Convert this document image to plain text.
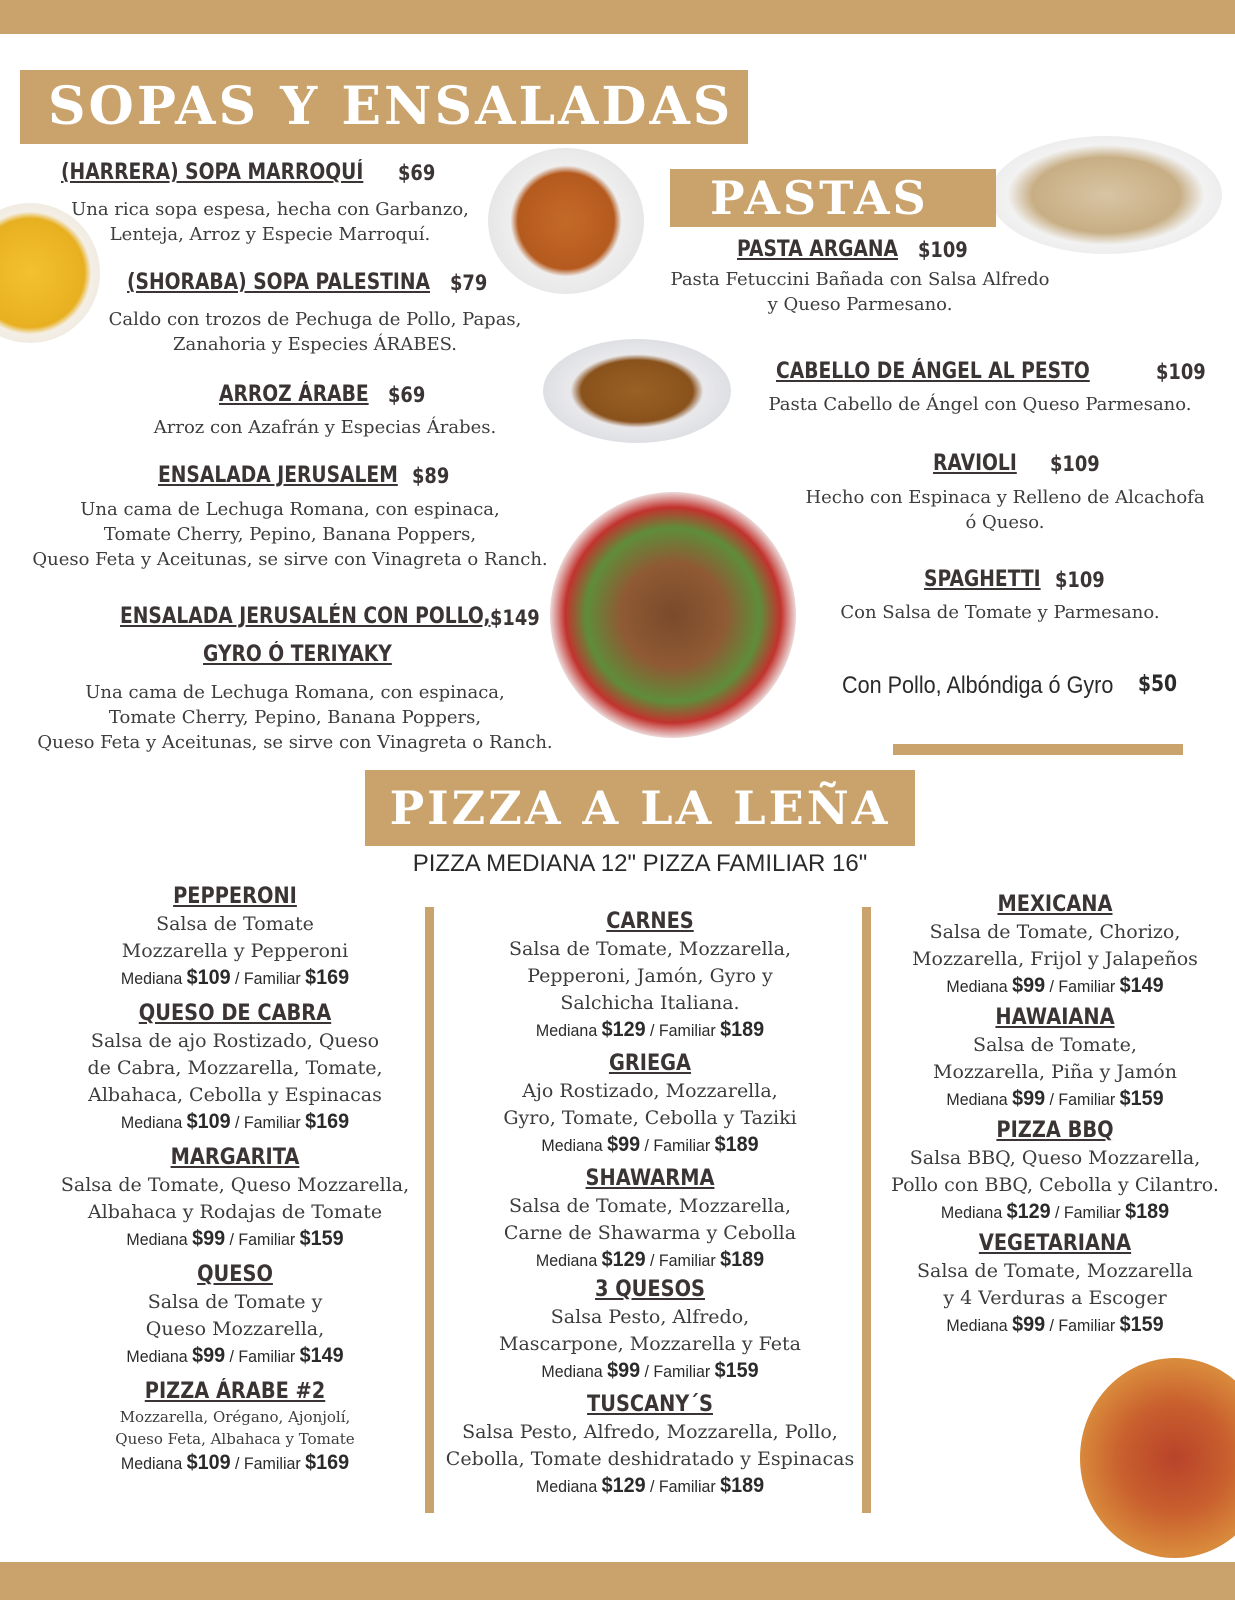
SOPAS Y ENSALADAS
(HARRERA) SOPA MARROQUÍ $69
Una rica sopa espesa, hecha con Garbanzo,
Lenteja, Arroz y Especie Marroquí.
(SHORABA) SOPA PALESTINA $79
Caldo con trozos de Pechuga de Pollo, Papas,
Zanahoria y Especies ÁRABES.
ARROZ ÁRABE $69
Arroz con Azafrán y Especias Árabes.
ENSALADA JERUSALEM $89
Una cama de Lechuga Romana, con espinaca,
Tomate Cherry, Pepino, Banana Poppers,
Queso Feta y Aceitunas, se sirve con Vinagreta o Ranch.
ENSALADA JERUSALÉN CON POLLO, $149
GYRO Ó TERIYAKY
Una cama de Lechuga Romana, con espinaca,
Tomate Cherry, Pepino, Banana Poppers,
Queso Feta y Aceitunas, se sirve con Vinagreta o Ranch.
PASTAS
PASTA ARGANA $109
Pasta Fetuccini Bañada con Salsa Alfredo
y Queso Parmesano.
CABELLO DE ÁNGEL AL PESTO	$109
Pasta Cabello de Ángel con Queso Parmesano.
RAVIOLI $109
Hecho con Espinaca y Relleno de Alcachofa
ó Queso.
SPAGHETTI $109
Con Salsa de Tomate y Parmesano.
Con Pollo, Albóndiga ó Gyro $50
PIZZA A LA LEÑA
PIZZA MEDIANA 12" PIZZA FAMILIAR 16"
PEPPERONI
Salsa de Tomate
Mozzarella y Pepperoni
Mediana $109 / Familiar $169
QUESO DE CABRA
Salsa de ajo Rostizado, Queso
de Cabra, Mozzarella, Tomate,
Albahaca, Cebolla y Espinacas
Mediana $109 / Familiar $169
MARGARITA
Salsa de Tomate, Queso Mozzarella,
Albahaca y Rodajas de Tomate
Mediana $99 / Familiar $159
QUESO
Salsa de Tomate y
Queso Mozzarella,
Mediana $99 / Familiar $149
PIZZA ÁRABE #2
Mozzarella, Orégano, Ajonjolí,
Queso Feta, Albahaca y Tomate
Mediana $109 / Familiar $169
CARNES
Salsa de Tomate, Mozzarella,
Pepperoni, Jamón, Gyro y
Salchicha Italiana.
Mediana $129 / Familiar $189
GRIEGA
Ajo Rostizado, Mozzarella,
Gyro, Tomate, Cebolla y Taziki
Mediana $99 / Familiar $189
SHAWARMA
Salsa de Tomate, Mozzarella,
Carne de Shawarma y Cebolla
Mediana $129 / Familiar $189
3 QUESOS
Salsa Pesto, Alfredo,
Mascarpone, Mozzarella y Feta
Mediana $99 / Familiar $159
TUSCANY´S
Salsa Pesto, Alfredo, Mozzarella, Pollo,
Cebolla, Tomate deshidratado y Espinacas
Mediana $129 / Familiar $189
MEXICANA
Salsa de Tomate, Chorizo,
Mozzarella, Frijol y Jalapeños
Mediana $99 / Familiar $149
HAWAIANA
Salsa de Tomate,
Mozzarella, Piña y Jamón
Mediana $99 / Familiar $159
PIZZA BBQ
Salsa BBQ, Queso Mozzarella,
Pollo con BBQ, Cebolla y Cilantro.
Mediana $129 / Familiar $189
VEGETARIANA
Salsa de Tomate, Mozzarella
y 4 Verduras a Escoger
Mediana $99 / Familiar $159
